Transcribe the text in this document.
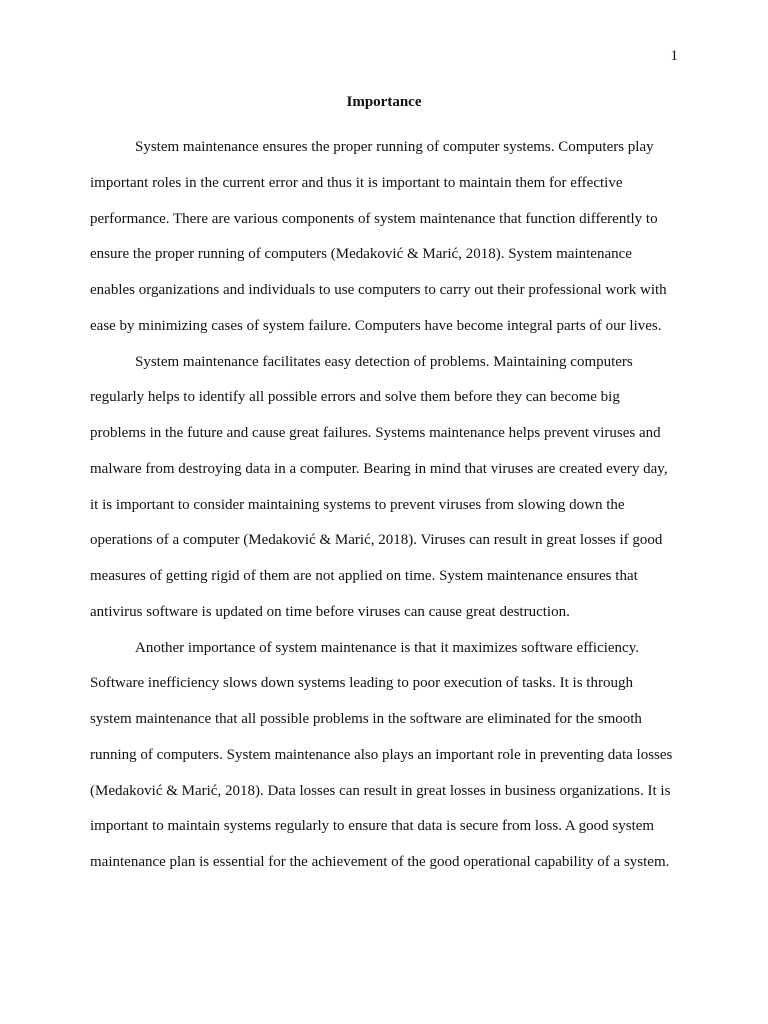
1
Importance
System maintenance ensures the proper running of computer systems. Computers play
important roles in the current error and thus it is important to maintain them for effective
performance. There are various components of system maintenance that function differently to
ensure the proper running of computers (Medaković & Marić, 2018). System maintenance
enables organizations and individuals to use computers to carry out their professional work with
ease by minimizing cases of system failure. Computers have become integral parts of our lives.
System maintenance facilitates easy detection of problems. Maintaining computers
regularly helps to identify all possible errors and solve them before they can become big
problems in the future and cause great failures. Systems maintenance helps prevent viruses and
malware from destroying data in a computer. Bearing in mind that viruses are created every day,
it is important to consider maintaining systems to prevent viruses from slowing down the
operations of a computer (Medaković & Marić, 2018). Viruses can result in great losses if good
measures of getting rigid of them are not applied on time. System maintenance ensures that
antivirus software is updated on time before viruses can cause great destruction.
Another importance of system maintenance is that it maximizes software efficiency.
Software inefficiency slows down systems leading to poor execution of tasks. It is through
system maintenance that all possible problems in the software are eliminated for the smooth
running of computers. System maintenance also plays an important role in preventing data losses
(Medaković & Marić, 2018). Data losses can result in great losses in business organizations. It is
important to maintain systems regularly to ensure that data is secure from loss. A good system
maintenance plan is essential for the achievement of the good operational capability of a system.
